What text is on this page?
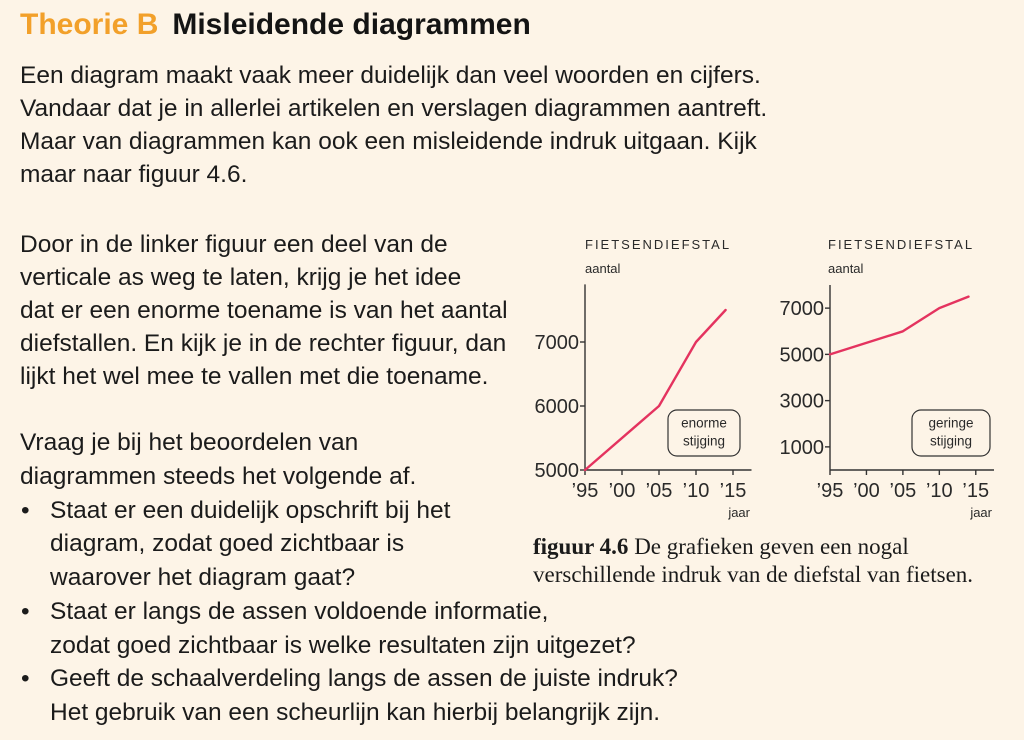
Theorie B Misleidende diagrammen
Een diagram maakt vaak meer duidelijk dan veel woorden en cijfers.
Vandaar dat je in allerlei artikelen en verslagen diagrammen aantreft.
Maar van diagrammen kan ook een misleidende indruk uitgaan. Kijk
maar naar figuur 4.6.
Door in de linker figuur een deel van de
verticale as weg te laten, krijg je het idee
dat er een enorme toename is van het aantal
diefstallen. En kijk je in de rechter figuur, dan
lijkt het wel mee te vallen met die toename.
Vraag je bij het beoordelen van
diagrammen steeds het volgende af.
• Staat er een duidelijk opschrift bij het
diagram, zodat goed zichtbaar is
waarover het diagram gaat?
• Staat er langs de assen voldoende informatie,
zodat goed zichtbaar is welke resultaten zijn uitgezet?
• Geeft de schaalverdeling langs de assen de juiste indruk?
Het gebruik van een scheurlijn kan hierbij belangrijk zijn.
FIETSENDIEFSTAL
aantal
5000
6000
7000
’95 ’00 ’05 ’10 ’15
jaar
enorme
stijging
FIETSENDIEFSTAL
aantal
1000
3000
5000
7000
’95 ’00 ’05 ’10 ’15
jaar
geringe
stijging
figuur 4.6 De grafieken geven een nogal
verschillende indruk van de diefstal van fietsen.
